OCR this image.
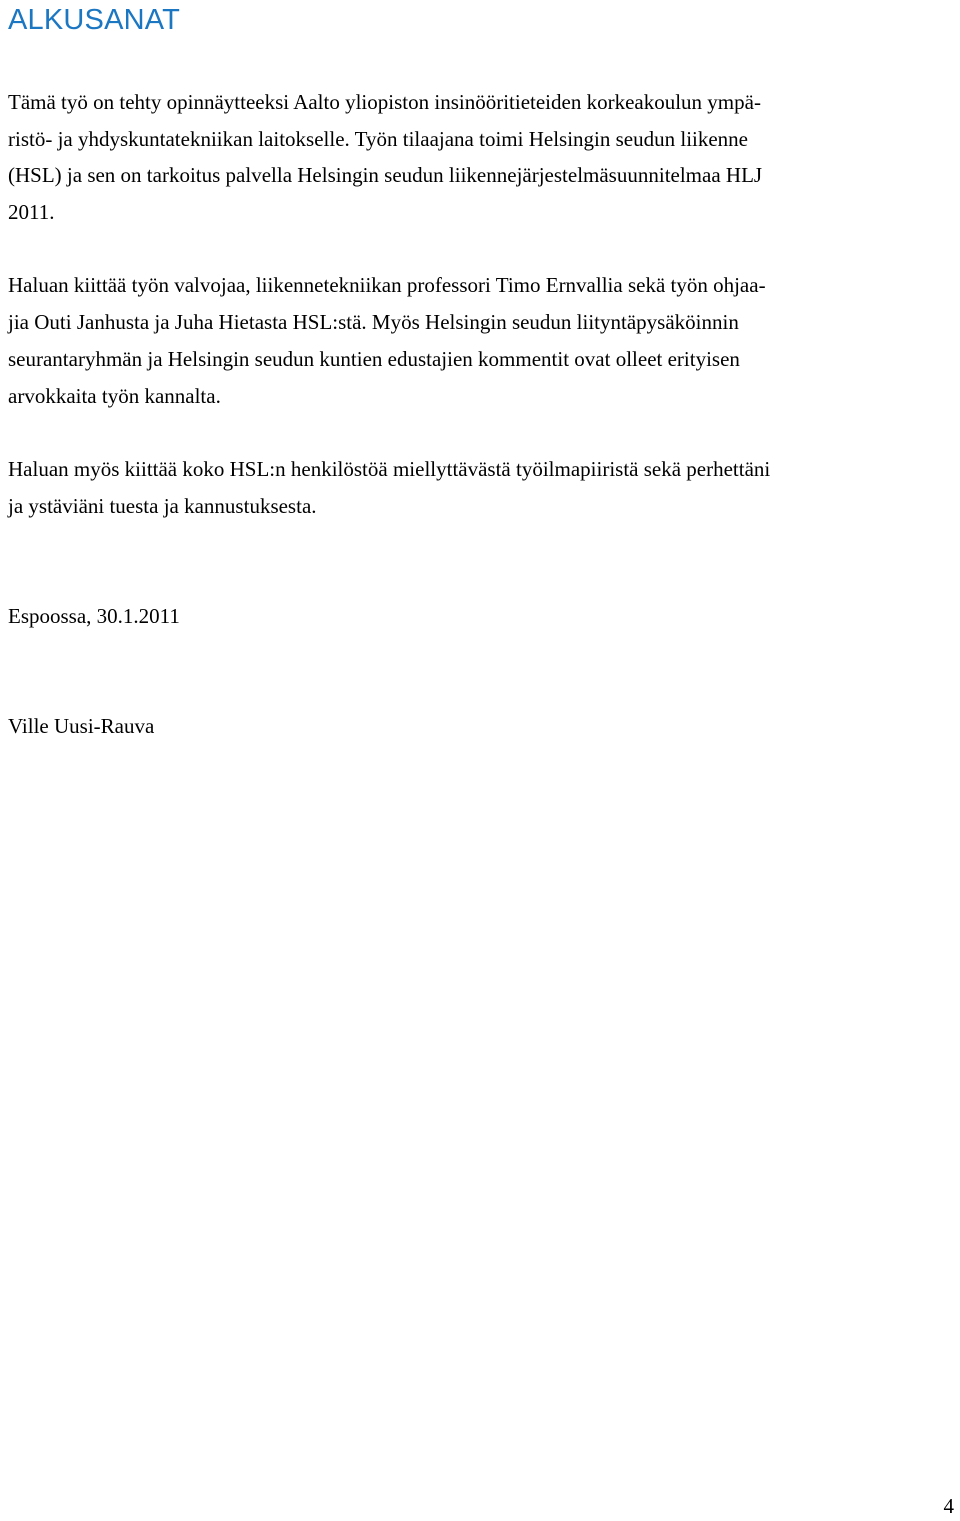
ALKUSANAT
Tämä työ on tehty opinnäytteeksi Aalto yliopiston insinööritieteiden korkeakoulun ympä-
ristö- ja yhdyskuntatekniikan laitokselle. Työn tilaajana toimi Helsingin seudun liikenne
(HSL) ja sen on tarkoitus palvella Helsingin seudun liikennejärjestelmäsuunnitelmaa HLJ
2011.
Haluan kiittää työn valvojaa, liikennetekniikan professori Timo Ernvallia sekä työn ohjaa-
jia Outi Janhusta ja Juha Hietasta HSL:stä. Myös Helsingin seudun liityntäpysäköinnin
seurantaryhmän ja Helsingin seudun kuntien edustajien kommentit ovat olleet erityisen
arvokkaita työn kannalta.
Haluan myös kiittää koko HSL:n henkilöstöä miellyttävästä työilmapiiristä sekä perhettäni
ja ystäviäni tuesta ja kannustuksesta.
Espoossa, 30.1.2011
Ville Uusi-Rauva
4
